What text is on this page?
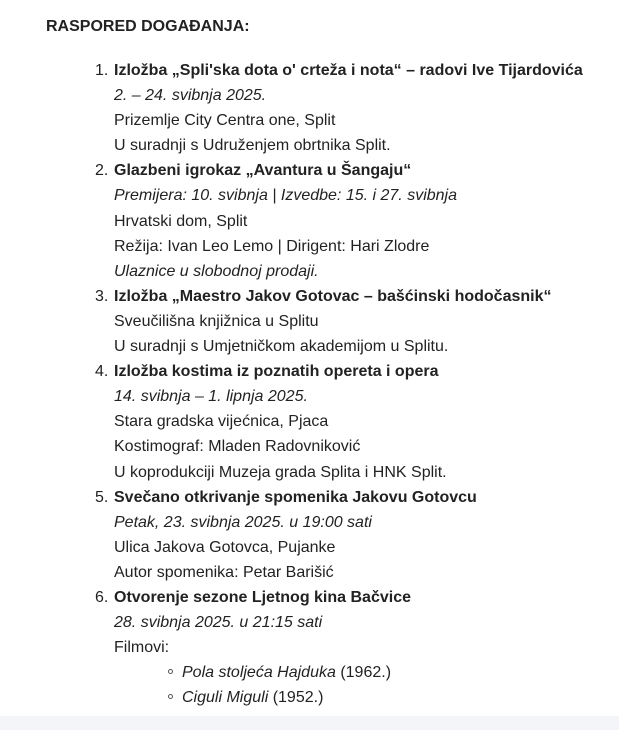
RASPORED DOGAĐANJA:
1. Izložba „Spli'ska dota o' crteža i nota“ – radovi Ive Tijardovića
2. – 24. svibnja 2025.
Prizemlje City Centra one, Split
U suradnji s Udruženjem obrtnika Split.
2. Glazbeni igrokaz „Avantura u Šangaju“
Premijera: 10. svibnja | Izvedbe: 15. i 27. svibnja
Hrvatski dom, Split
Režija: Ivan Leo Lemo | Dirigent: Hari Zlodre
Ulaznice u slobodnoj prodaji.
3. Izložba „Maestro Jakov Gotovac – bašćinski hodočasnik“
Sveučilišna knjižnica u Splitu
U suradnji s Umjetničkom akademijom u Splitu.
4. Izložba kostima iz poznatih opereta i opera
14. svibnja – 1. lipnja 2025.
Stara gradska vijećnica, Pjaca
Kostimograf: Mladen Radovniković
U koprodukciji Muzeja grada Splita i HNK Split.
5. Svečano otkrivanje spomenika Jakovu Gotovcu
Petak, 23. svibnja 2025. u 19:00 sati
Ulica Jakova Gotovca, Pujanke
Autor spomenika: Petar Barišić
6. Otvorenje sezone Ljetnog kina Bačvice
28. svibnja 2025. u 21:15 sati
Filmovi:
Pola stoljeća Hajduka (1962.)
Ciguli Miguli (1952.)
